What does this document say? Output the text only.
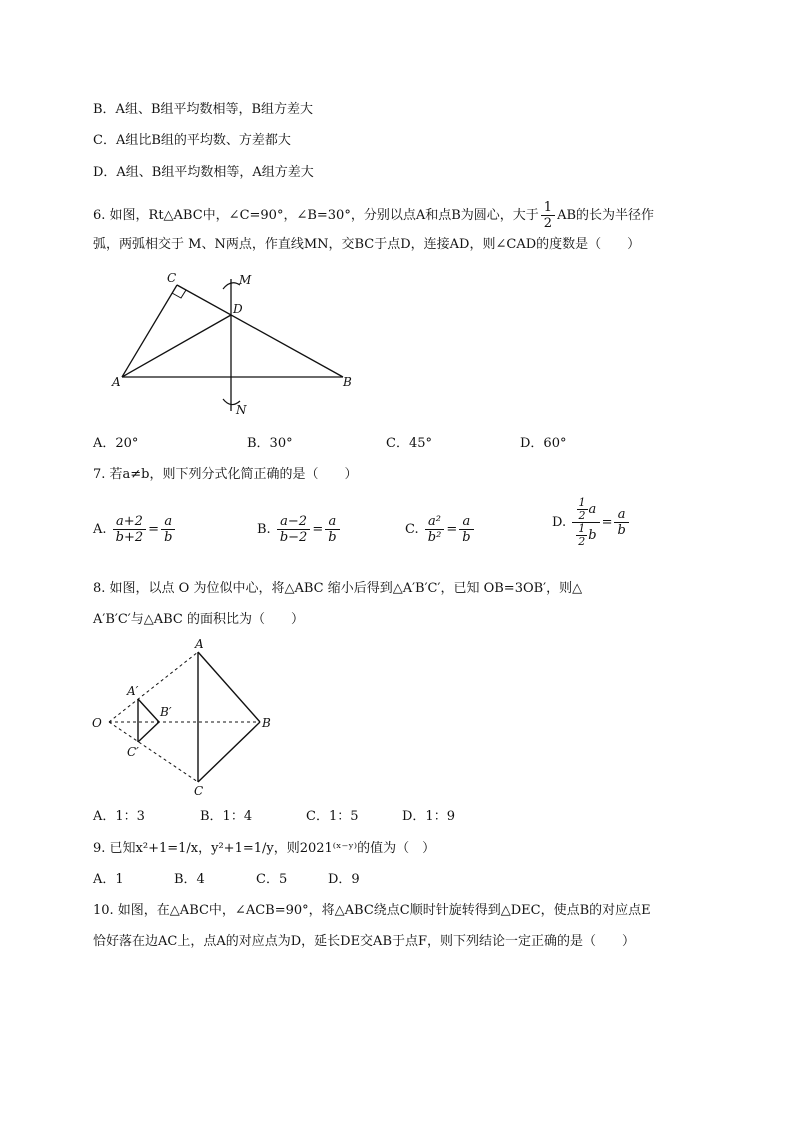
B．A组、B组平均数相等，B组方差大
C．A组比B组的平均数、方差都大
D．A组、B组平均数相等，A组方差大
6. 如图，Rt△ABC中，∠C=90°，∠B=30°，分别以点A和点B为圆心，大于 $\frac{1}{2}$ AB的长为半径作
弧，两弧相交于 M、N两点，作直线MN，交BC于点D，连接AD，则∠CAD的度数是（　　）
C	M
D
A	B
N
A．20°	B．30°	C．45°	D．60°
7. 若a≠b，则下列分式化简正确的是（　　）
A. $\frac{a+2}{b+2} = \frac{a}{b}$	B. $\frac{a-2}{b-2} = \frac{a}{b}$	C. $\frac{\text{a²}}{\text{b²}} = \frac{a}{b}$	D. $\frac{\frac{1}{2} a}{\frac{1}{2} b} = \frac{a}{b}$
8. 如图，以点 O 为位似中心，将△ABC 缩小后得到△A′B′C′，已知 OB=3OB′，则△
A′B′C′与△ABC 的面积比为（　　）
A
A′
O
B′
B
C′
C
A．1：3	B．1：4	C．1：5	D．1：9
9. 已知x²+1=1/x，y²+1=1/y，则2021⁽ˣ⁻ʸ⁾的值为（　）
A．1	B．4	C．5	D．9
10. 如图，在△ABC中，∠ACB=90°，将△ABC绕点C顺时针旋转得到△DEC，使点B的对应点E
恰好落在边AC上，点A的对应点为D，延长DE交AB于点F，则下列结论一定正确的是（　　）
